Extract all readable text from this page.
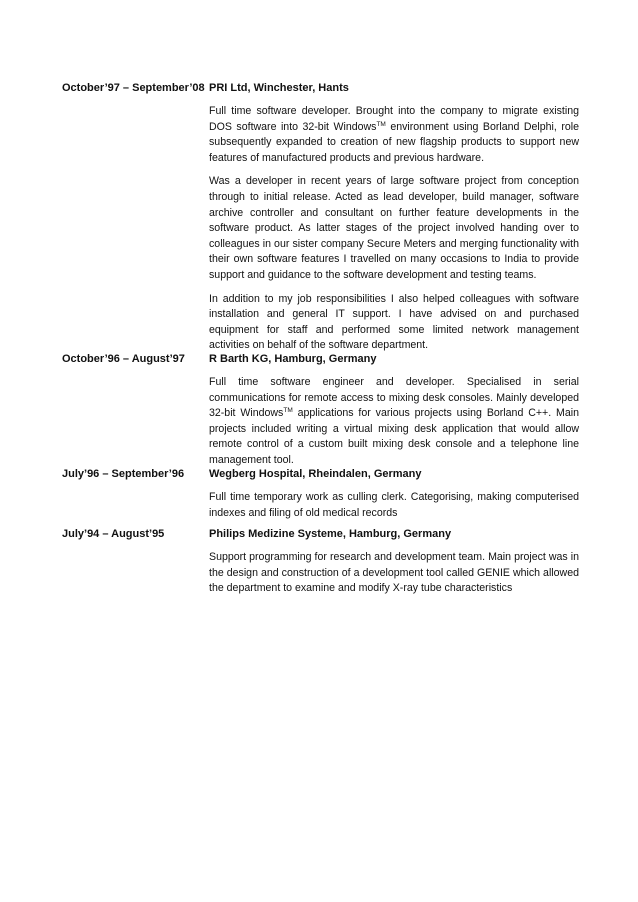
October’97 – September’08 PRI Ltd, Winchester, Hants
Full time software developer. Brought into the company to migrate existing DOS software into 32-bit Windows™ environment using Borland Delphi, role subsequently expanded to creation of new flagship products to support new features of manufactured products and previous hardware.
Was a developer in recent years of large software project from conception through to initial release. Acted as lead developer, build manager, software archive controller and consultant on further feature developments in the software product. As latter stages of the project involved handing over to colleagues in our sister company Secure Meters and merging functionality with their own software features I travelled on many occasions to India to provide support and guidance to the software development and testing teams.
In addition to my job responsibilities I also helped colleagues with software installation and general IT support. I have advised on and purchased equipment for staff and performed some limited network management activities on behalf of the software department.
October’96 – August’97	R Barth KG, Hamburg, Germany
Full time software engineer and developer. Specialised in serial communications for remote access to mixing desk consoles. Mainly developed 32-bit Windows™ applications for various projects using Borland C++. Main projects included writing a virtual mixing desk application that would allow remote control of a custom built mixing desk console and a telephone line management tool.
July’96 – September’96	Wegberg Hospital, Rheindalen, Germany
Full time temporary work as culling clerk. Categorising, making computerised indexes and filing of old medical records
July’94 – August’95	Philips Medizine Systeme, Hamburg, Germany
Support programming for research and development team. Main project was in the design and construction of a development tool called GENIE which allowed the department to examine and modify X-ray tube characteristics
